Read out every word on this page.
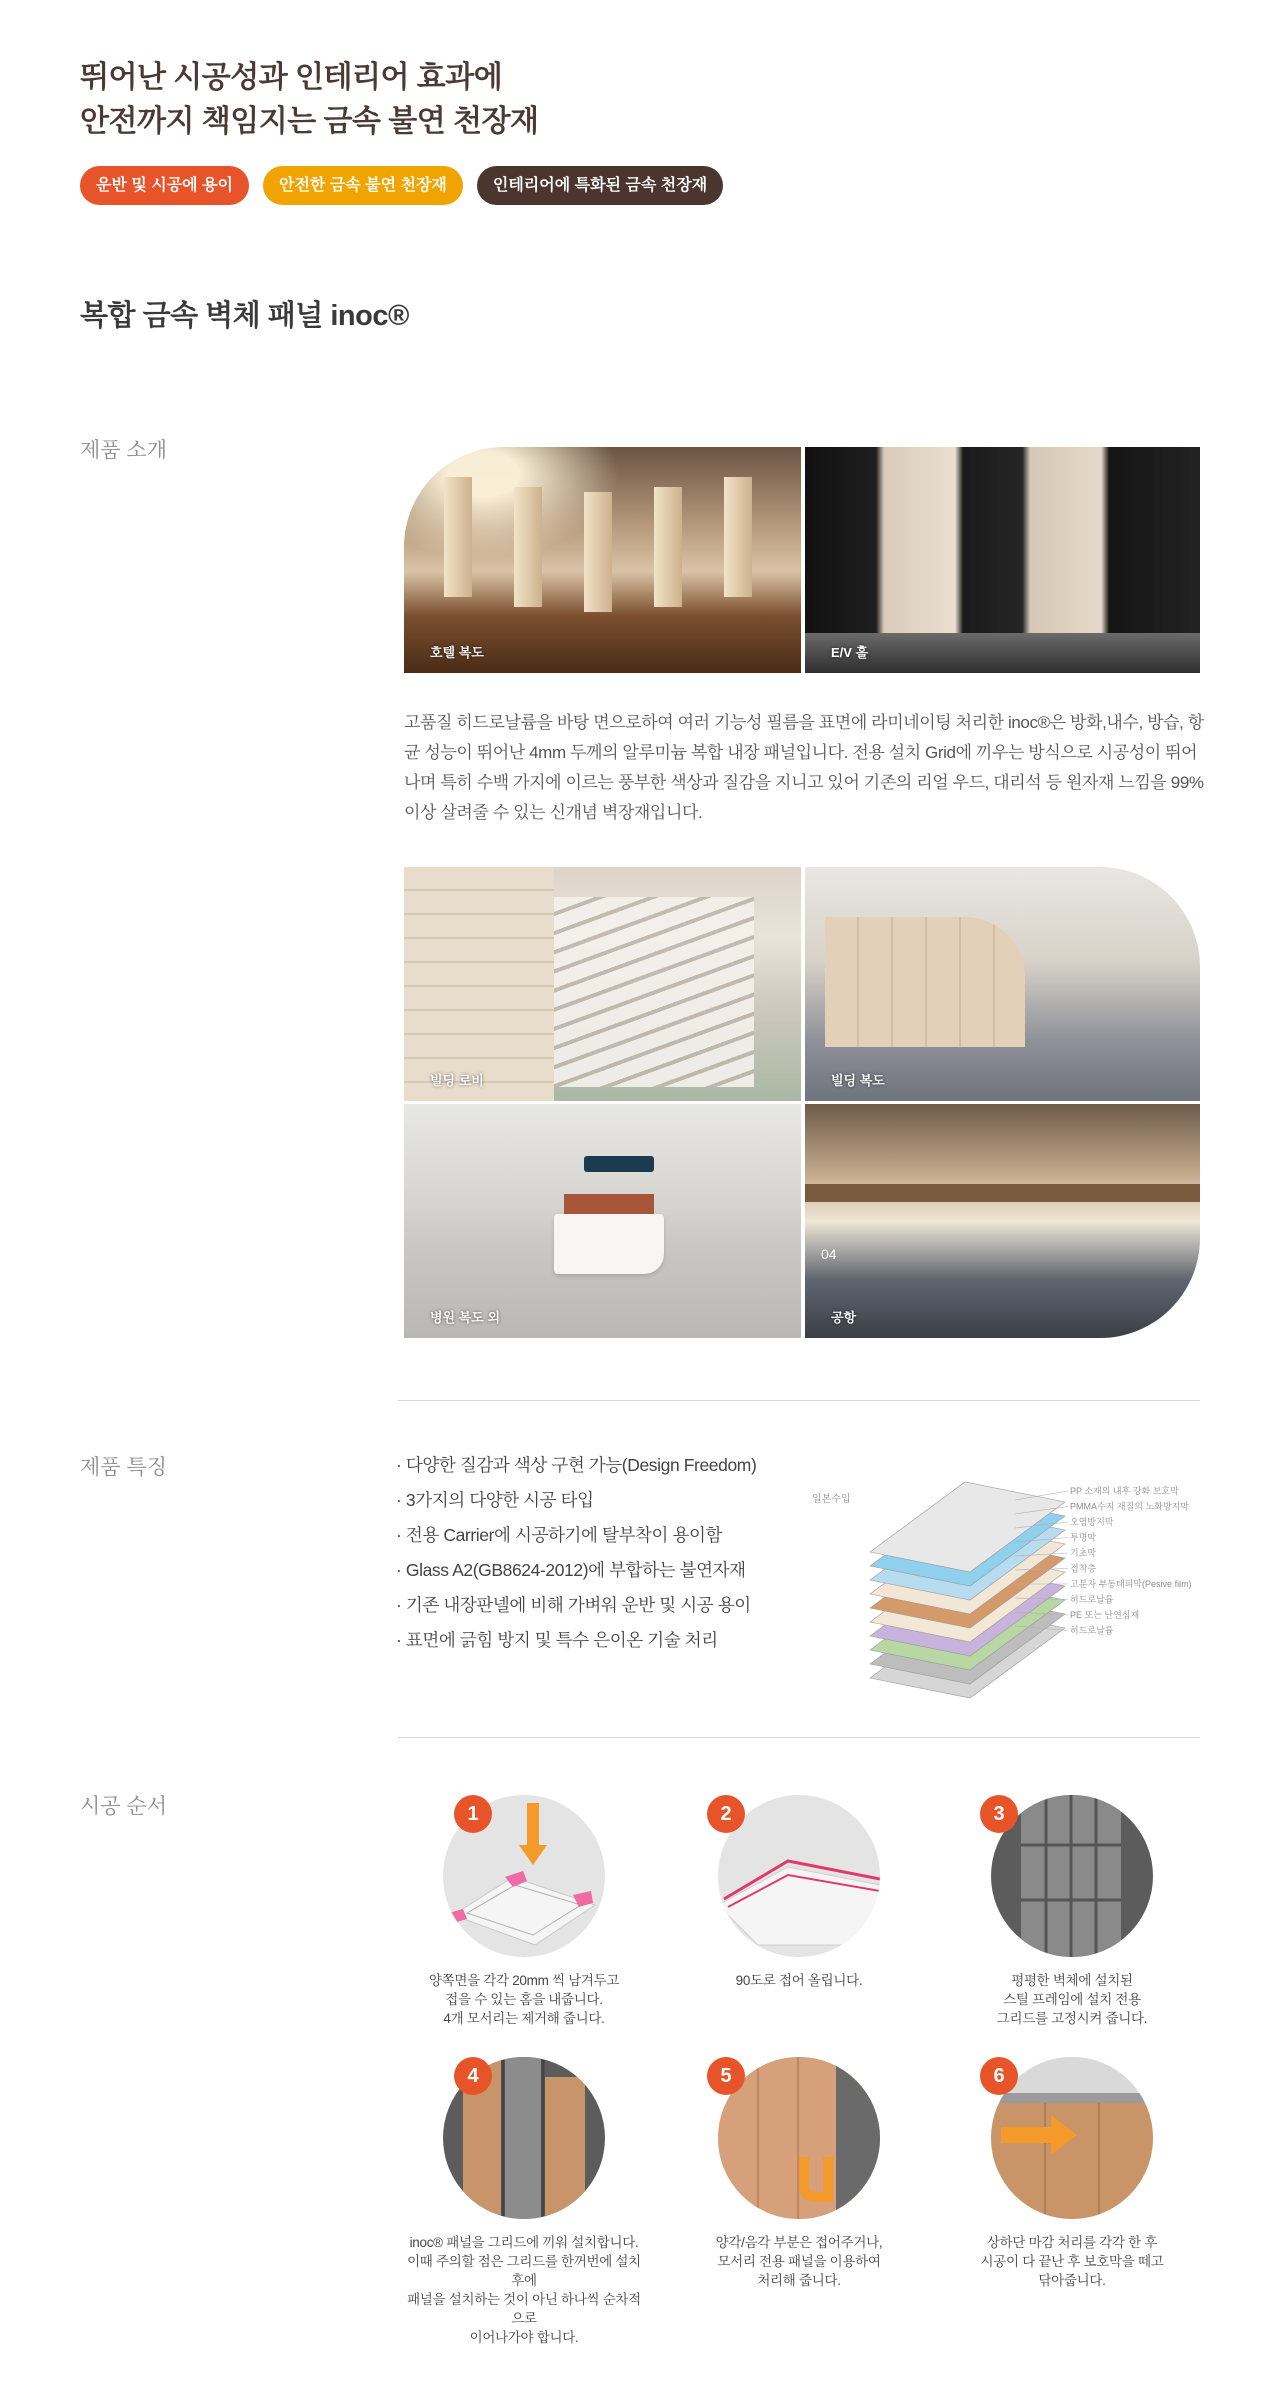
뛰어난 시공성과 인테리어 효과에
안전까지 책임지는 금속 불연 천장재
운반 및 시공에 용이	안전한 금속 불연 천장재	인테리어에 특화된 금속 천장재
복합 금속 벽체 패널 inoc®
제품 소개
호텔 복도	E/V 홀
고품질 히드로날륨을 바탕 면으로하여 여러 기능성 필름을 표면에 라미네이팅 처리한 inoc®은 방화,내수, 방습, 항균 성능이 뛰어난 4mm 두께의 알루미늄 복합 내장 패널입니다. 전용 설치 Grid에 끼우는 방식으로 시공성이 뛰어나며 특히 수백 가지에 이르는 풍부한 색상과 질감을 지니고 있어 기존의 리얼 우드, 대리석 등 원자재 느낌을 99% 이상 살려줄 수 있는 신개념 벽장재입니다.
빌딩 로비	빌딩 복도
병원 복도 외
04
공항
제품 특징	· 다양한 질감과 색상 구현 가능(Design Freedom)
· 3가지의 다양한 시공 타입
· 전용 Carrier에 시공하기에 탈부착이 용이함
· Glass A2(GB8624-2012)에 부합하는 불연자재
· 기존 내장판넬에 비해 가벼워 운반 및 시공 용이
· 표면에 긁힘 방지 및 특수 은이온 기술 처리
일본수입
PP 소재의 내후 강화 보호막
PMMA수지 재질의 노화방지막
오염방지막
투명막
기초막
접착층
고분자 부동태피막(Pesive film)
히드로날륨
PE 또는 난연심재
히드로날륨
시공 순서	1
양쪽면을 각각 20mm 씩 남겨두고
접을 수 있는 홈을 내줍니다.
4개 모서리는 제거해 줍니다.
2
90도로 접어 올립니다.
3
평평한 벽체에 설치된
스틸 프레임에 설치 전용
그리드를 고정시켜 줍니다.
4
inoc® 패널을 그리드에 끼워 설치합니다.
이때 주의할 점은 그리드를 한꺼번에 설치 후에
패널을 설치하는 것이 아닌 하나씩 순차적으로
이어나가야 합니다.
5
양각/음각 부분은 접어주거나,
모서리 전용 패널을 이용하여
처리해 줍니다.
6
상하단 마감 처리를 각각 한 후
시공이 다 끝난 후 보호막을 떼고
닦아줍니다.
